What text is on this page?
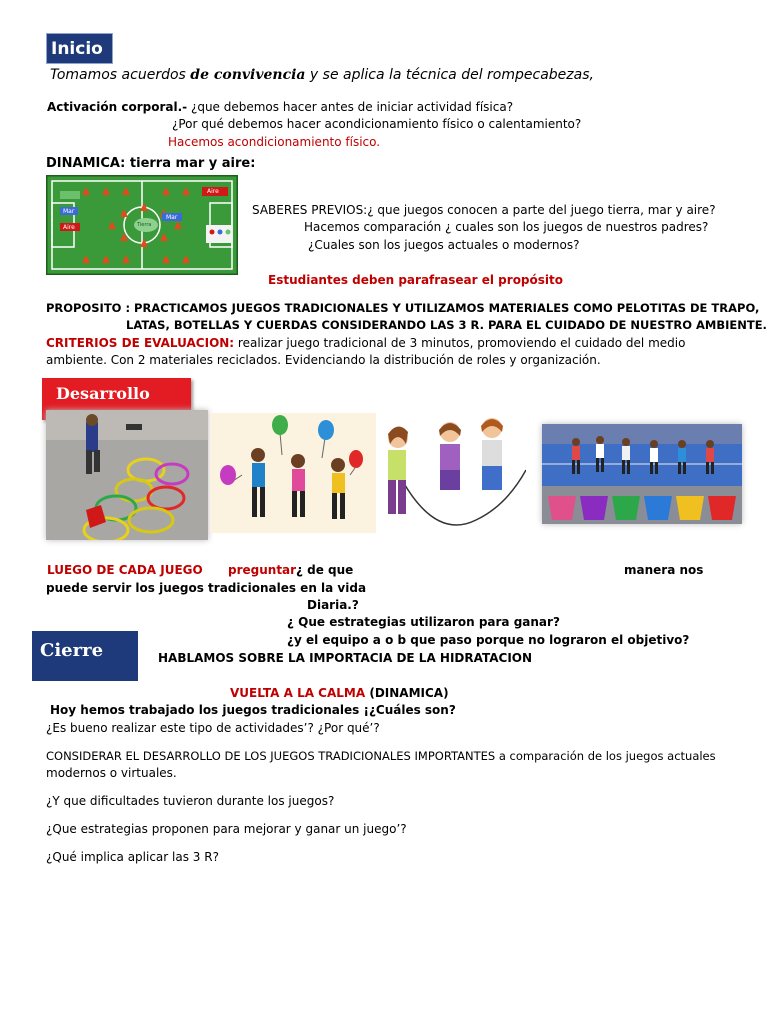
Inicio
Tomamos acuerdos de convivencia y se aplica la técnica del rompecabezas,
Activación corporal.- ¿que debemos hacer antes de iniciar actividad física?
¿Por qué debemos hacer acondicionamiento físico o calentamiento?
Hacemos acondicionamiento físico.
DINAMICA: tierra mar y aire:
Aire
Mar
Mar
Aire	Tierra
SABERES PREVIOS:¿ que juegos conocen a parte del juego tierra, mar y aire?
Hacemos comparación ¿ cuales son los juegos de nuestros padres?
¿Cuales son los juegos actuales o modernos?
Estudiantes deben parafrasear el propósito
PROPOSITO : PRACTICAMOS JUEGOS TRADICIONALES Y UTILIZAMOS MATERIALES COMO PELOTITAS DE TRAPO,
LATAS, BOTELLAS Y CUERDAS CONSIDERANDO LAS 3 R. PARA EL CUIDADO DE NUESTRO AMBIENTE.
CRITERIOS DE EVALUACION: realizar juego tradicional de 3 minutos, promoviendo el cuidado del medio
ambiente. Con 2 materiales reciclados. Evidenciando la distribución de roles y organización.
Desarrollo
LUEGO DE CADA JUEGO preguntar ¿ de que	manera nos
puede servir los juegos tradicionales en la vida
Diaria.?
¿ Que estrategias utilizaron para ganar?
¿y el equipo a o b que paso porque no lograron el objetivo?
Cierre	HABLAMOS SOBRE LA IMPORTACIA DE LA HIDRATACION
VUELTA A LA CALMA (DINAMICA)
Hoy hemos trabajado los juegos tradicionales ¡¿Cuáles son?
¿Es bueno realizar este tipo de actividades’? ¿Por qué’?
CONSIDERAR EL DESARROLLO DE LOS JUEGOS TRADICIONALES IMPORTANTES a comparación de los juegos actuales
modernos o virtuales.
¿Y que dificultades tuvieron durante los juegos?
¿Que estrategias proponen para mejorar y ganar un juego’?
¿Qué implica aplicar las 3 R?
